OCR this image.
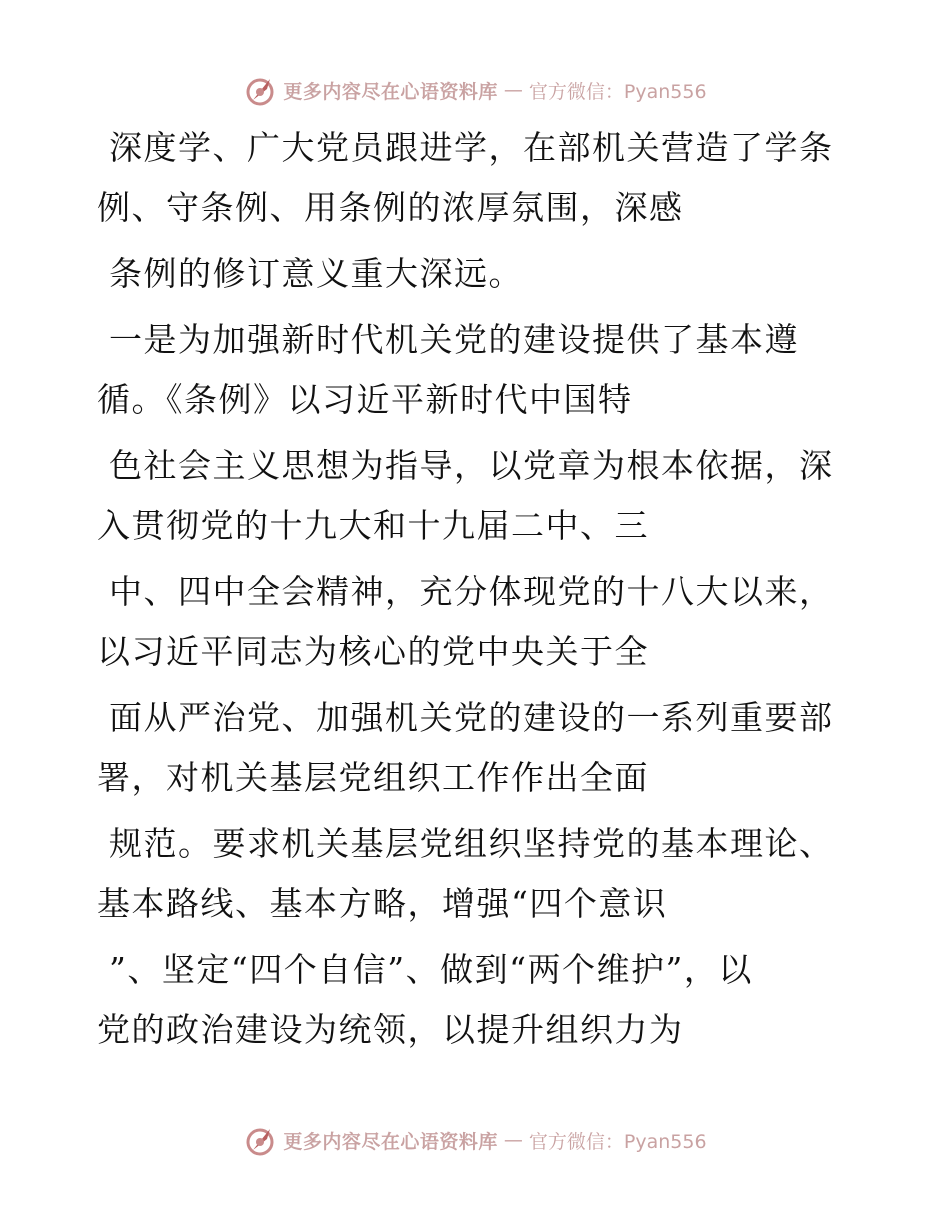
更多内容尽在心语资料库 — 官方微信：Pyan556

深度学、广大党员跟进学，在部机关营造了学条
例、守条例、用条例的浓厚氛围，深感

条例的修订意义重大深远。

一是为加强新时代机关党的建设提供了基本遵
循。《条例》以习近平新时代中国特

色社会主义思想为指导，以党章为根本依据，深
入贯彻党的十九大和十九届二中、三

中、四中全会精神，充分体现党的十八大以来，
以习近平同志为核心的党中央关于全

面从严治党、加强机关党的建设的一系列重要部
署，对机关基层党组织工作作出全面

规范。要求机关基层党组织坚持党的基本理论、
基本路线、基本方略，增强“四个意识

”、坚定“四个自信”、做到“两个维护”，以
党的政治建设为统领，以提升组织力为

更多内容尽在心语资料库 — 官方微信：Pyan556
